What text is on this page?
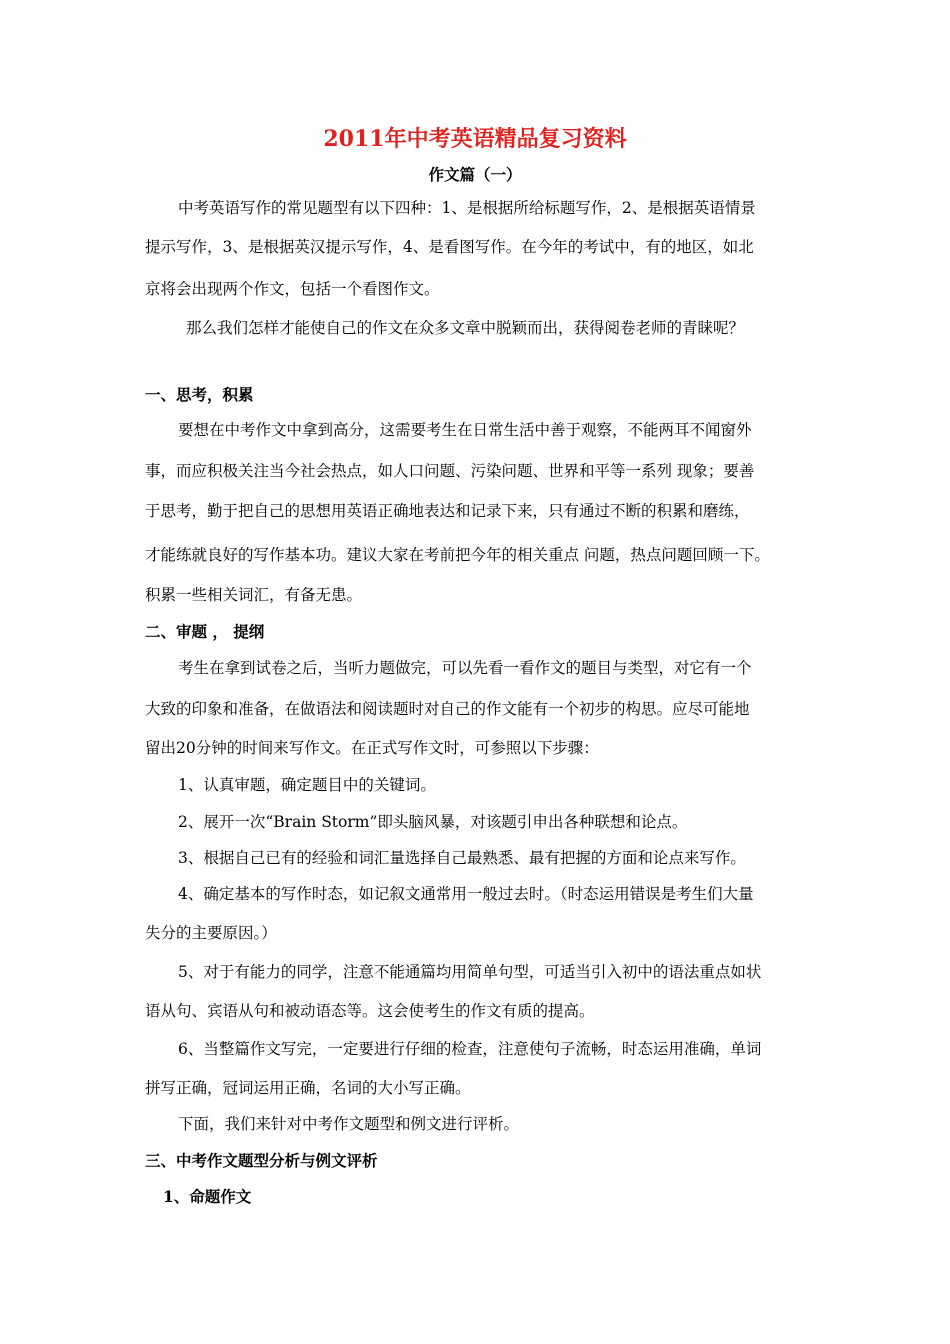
2011年中考英语精品复习资料
作文篇（一）
中考英语写作的常见题型有以下四种：1、是根据所给标题写作，2、是根据英语情景
提示写作，3、是根据英汉提示写作，4、是看图写作。在今年的考试中，有的地区，如北
京将会出现两个作文，包括一个看图作文。
那么我们怎样才能使自己的作文在众多文章中脱颖而出，获得阅卷老师的青睐呢？
一、思考，积累
要想在中考作文中拿到高分，这需要考生在日常生活中善于观察，不能两耳不闻窗外
事，而应积极关注当今社会热点，如人口问题、污染问题、世界和平等一系列 现象；要善
于思考，勤于把自己的思想用英语正确地表达和记录下来，只有通过不断的积累和磨练，
才能练就良好的写作基本功。建议大家在考前把今年的相关重点 问题，热点问题回顾一下。
积累一些相关词汇，有备无患。
二、审题 ， 提纲
考生在拿到试卷之后，当听力题做完，可以先看一看作文的题目与类型，对它有一个
大致的印象和准备，在做语法和阅读题时对自己的作文能有一个初步的构思。应尽可能地
留出20分钟的时间来写作文。在正式写作文时，可参照以下步骤：
1、认真审题，确定题目中的关键词。
2、展开一次“Brain Storm”即头脑风暴，对该题引申出各种联想和论点。
3、根据自己已有的经验和词汇量选择自己最熟悉、最有把握的方面和论点来写作。
4、确定基本的写作时态，如记叙文通常用一般过去时。（时态运用错误是考生们大量
失分的主要原因。）
5、对于有能力的同学，注意不能通篇均用简单句型，可适当引入初中的语法重点如状
语从句、宾语从句和被动语态等。这会使考生的作文有质的提高。
6、当整篇作文写完，一定要进行仔细的检查，注意使句子流畅，时态运用准确，单词
拼写正确，冠词运用正确，名词的大小写正确。
下面，我们来针对中考作文题型和例文进行评析。
三、中考作文题型分析与例文评析
1、命题作文
